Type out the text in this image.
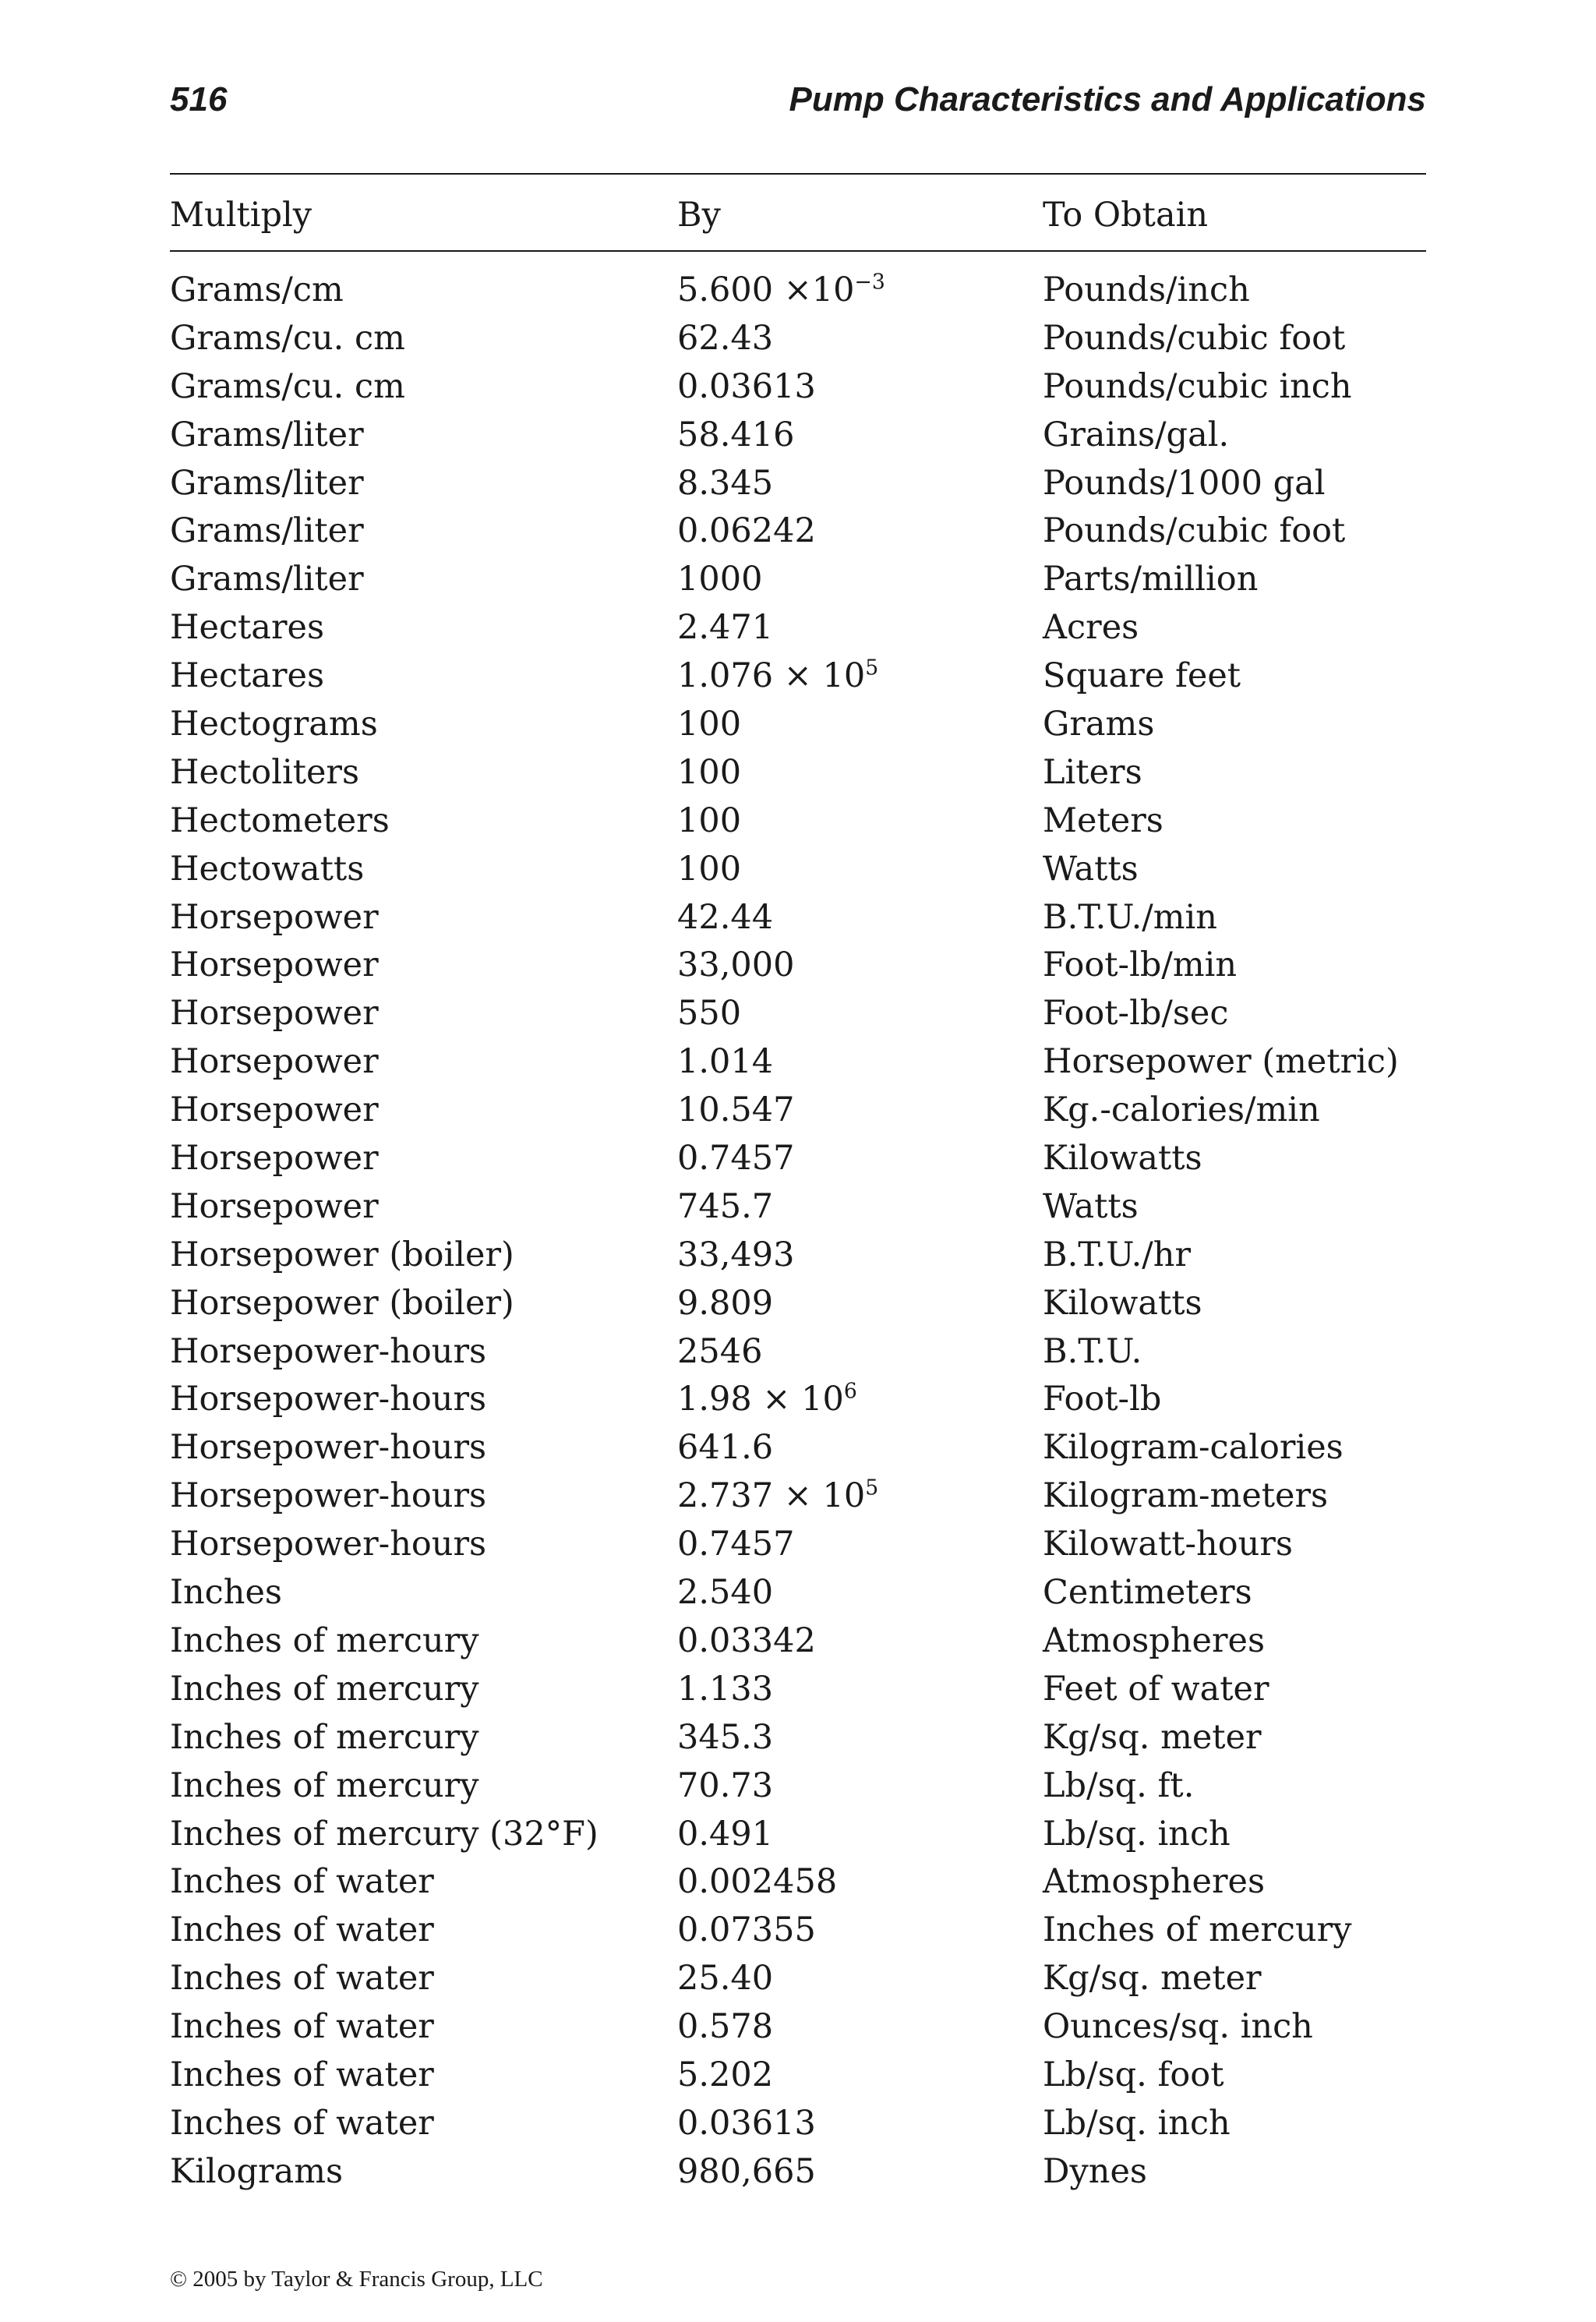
516	Pump Characteristics and Applications
Multiply	By	To Obtain
Grams/cm	$5.600 \times 10^{-3}$	Pounds/inch
Grams/cu. cm	62.43	Pounds/cubic foot
Grams/cu. cm	0.03613	Pounds/cubic inch
Grams/liter	58.416	Grains/gal.
Grams/liter	8.345	Pounds/1000 gal
Grams/liter	0.06242	Pounds/cubic foot
Grams/liter	1000	Parts/million
Hectares	2.471	Acres
Hectares	$1.076 \times 10^5$	Square feet
Hectograms	100	Grams
Hectoliters	100	Liters
Hectometers	100	Meters
Hectowatts	100	Watts
Horsepower	42.44	B.T.U./min
Horsepower	33,000	Foot-lb/min
Horsepower	550	Foot-lb/sec
Horsepower	1.014	Horsepower (metric)
Horsepower	10.547	Kg.-calories/min
Horsepower	0.7457	Kilowatts
Horsepower	745.7	Watts
Horsepower (boiler)	33,493	B.T.U./hr
Horsepower (boiler)	9.809	Kilowatts
Horsepower-hours	2546	B.T.U.
Horsepower-hours	$1.98 \times 10^6$	Foot-lb
Horsepower-hours	641.6	Kilogram-calories
Horsepower-hours	$2.737 \times 10^5$	Kilogram-meters
Horsepower-hours	0.7457	Kilowatt-hours
Inches	2.540	Centimeters
Inches of mercury	0.03342	Atmospheres
Inches of mercury	1.133	Feet of water
Inches of mercury	345.3	Kg/sq. meter
Inches of mercury	70.73	Lb/sq. ft.
Inches of mercury (32°F) 0.491	Lb/sq. inch
Inches of water	0.002458	Atmospheres
Inches of water	0.07355	Inches of mercury
Inches of water	25.40	Kg/sq. meter
Inches of water	0.578	Ounces/sq. inch
Inches of water	5.202	Lb/sq. foot
Inches of water	0.03613	Lb/sq. inch
Kilograms	980,665	Dynes
© 2005 by Taylor & Francis Group, LLC
